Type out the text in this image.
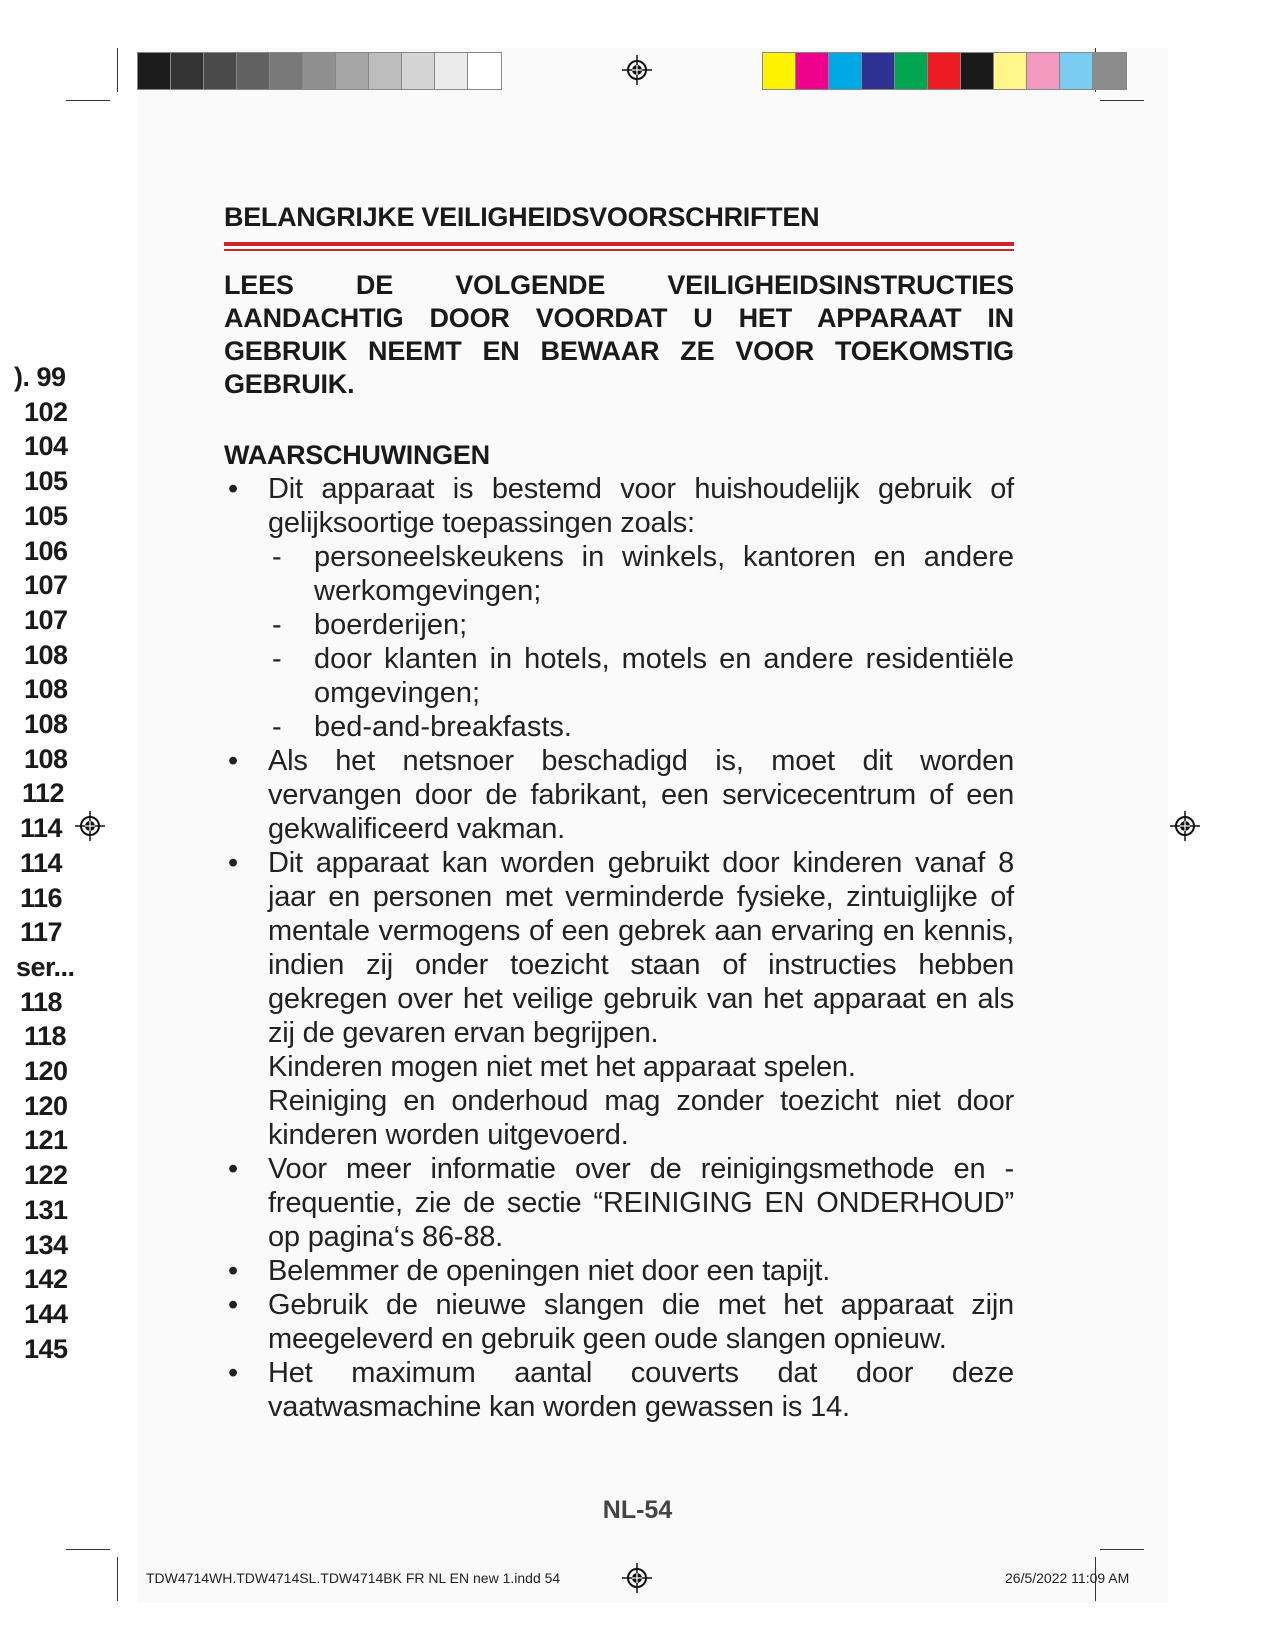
). 99
102
104
105
105
106
107
107
108
108
108
108
112
114
114
116
117
ser...
118
118
120
120
121
122
131
134
142
144
145
BELANGRIJKE VEILIGHEIDSVOORSCHRIFTEN
LEES DE VOLGENDE VEILIGHEIDSINSTRUCTIES AANDACHTIG DOOR VOORDAT U HET APPARAAT IN GEBRUIK NEEMT EN BEWAAR ZE VOOR TOEKOMSTIG GEBRUIK.
WAARSCHUWINGEN
• Dit apparaat is bestemd voor huishoudelijk gebruik of gelijksoortige toepassingen zoals:
- personeelskeukens in winkels, kantoren en andere werkomgevingen;
- boerderijen;
- door klanten in hotels, motels en andere residentiële omgevingen;
- bed-and-breakfasts.
• Als het netsnoer beschadigd is, moet dit worden vervangen door de fabrikant, een servicecentrum of een gekwalificeerd vakman.
• Dit apparaat kan worden gebruikt door kinderen vanaf 8 jaar en personen met verminderde fysieke, zintuiglijke of mentale vermogens of een gebrek aan ervaring en kennis, indien zij onder toezicht staan of instructies hebben gekregen over het veilige gebruik van het apparaat en als zij de gevaren ervan begrijpen.
Kinderen mogen niet met het apparaat spelen.
Reiniging en onderhoud mag zonder toezicht niet door kinderen worden uitgevoerd.
• Voor meer informatie over de reinigingsmethode en -frequentie, zie de sectie “REINIGING EN ONDERHOUD” op pagina‘s 86-88.
• Belemmer de openingen niet door een tapijt.
• Gebruik de nieuwe slangen die met het apparaat zijn meegeleverd en gebruik geen oude slangen opnieuw.
• Het maximum aantal couverts dat door deze vaatwasmachine kan worden gewassen is 14.
NL-54
TDW4714WH.TDW4714SL.TDW4714BK FR NL EN new 1.indd 54	26/5/2022 11:09 AM
